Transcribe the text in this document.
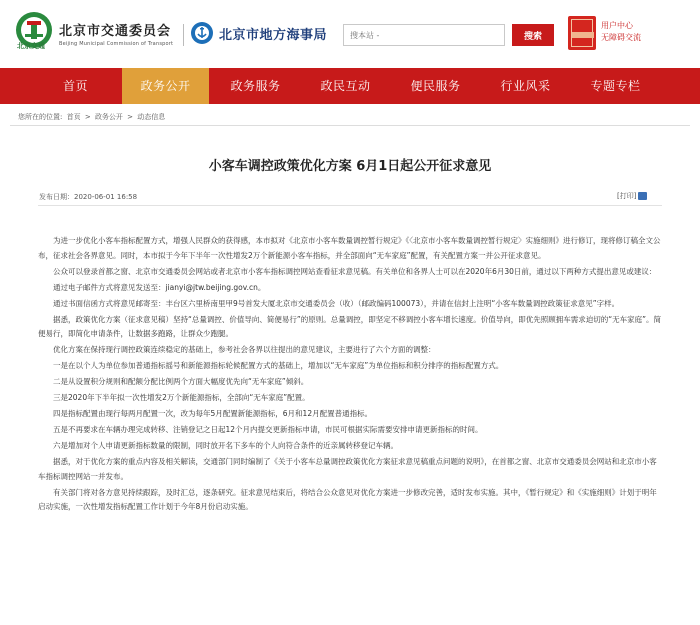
北京交通
北京市交通委员会
Beijing Municipal Commission of Transport
北京市地方海事局
搜本站 -	搜索
用户中心
无障碍交流
首页	政务公开	政务服务	政民互动	便民服务	行业风采	专题专栏
您所在的位置: 首页 > 政务公开 > 动态信息
小客车调控政策优化方案 6月1日起公开征求意见
发布日期：2020-06-01 16:58	[打印]

为进一步优化小客车指标配置方式，增强人民群众的获得感，本市拟对《北京市小客车数量调控暂行规定》《〈北京市小客车数量调控暂行规定〉实施细则》进行修订，现将修订稿全文公布，征求社会各界意见。同时，本市拟于今年下半年一次性增发2万个新能源小客车指标，并全部面向“无车家庭”配置，有关配置方案一并公开征求意见。

公众可以登录首都之窗、北京市交通委员会网站或者北京市小客车指标调控网站查看征求意见稿。有关单位和各界人士可以在2020年6月30日前，通过以下两种方式提出意见或建议：

通过电子邮件方式将意见发送至：jianyi@jtw.beijing.gov.cn。

通过书面信函方式将意见邮寄至：丰台区六里桥南里甲9号首发大厦北京市交通委员会（收）（邮政编码100073），并请在信封上注明“小客车数量调控政策征求意见”字样。

据悉，政策优化方案（征求意见稿）坚持“总量调控、价值导向、简便易行”的原则。总量调控，即坚定不移调控小客车增长速度。价值导向，即优先照顾拥车需求迫切的“无车家庭”。简便易行，即简化申请条件，让数据多跑路，让群众少跑腿。

优化方案在保持现行调控政策连续稳定的基础上，参考社会各界以往提出的意见建议，主要进行了六个方面的调整：

一是在以个人为单位参加普通指标摇号和新能源指标轮候配置方式的基础上，增加以“无车家庭”为单位指标和积分排序的指标配置方式。

二是从设置积分规则和配额分配比例两个方面大幅度优先向“无车家庭”倾斜。

三是2020年下半年拟一次性增发2万个新能源指标，全部向“无车家庭”配置。

四是指标配置由现行每两月配置一次，改为每年5月配置新能源指标，6月和12月配置普通指标。

五是不再要求在车辆办理完成转移、注销登记之日起12个月内提交更新指标申请，市民可根据实际需要安排申请更新指标的时间。

六是增加对个人申请更新指标数量的限制，同时放开名下多车的个人向符合条件的近亲属转移登记车辆。

据悉，对于优化方案的重点内容及相关解读，交通部门同时编制了《关于小客车总量调控政策优化方案征求意见稿重点问题的说明》，在首都之窗、北京市交通委员会网站和北京市小客车指标调控网站一并发布。

有关部门将对各方意见持续跟踪，及时汇总，逐条研究。征求意见结束后，将结合公众意见对优化方案进一步修改完善，适时发布实施。其中，《暂行规定》和《实施细则》计划于明年启动实施，一次性增发指标配置工作计划于今年8月份启动实施。
